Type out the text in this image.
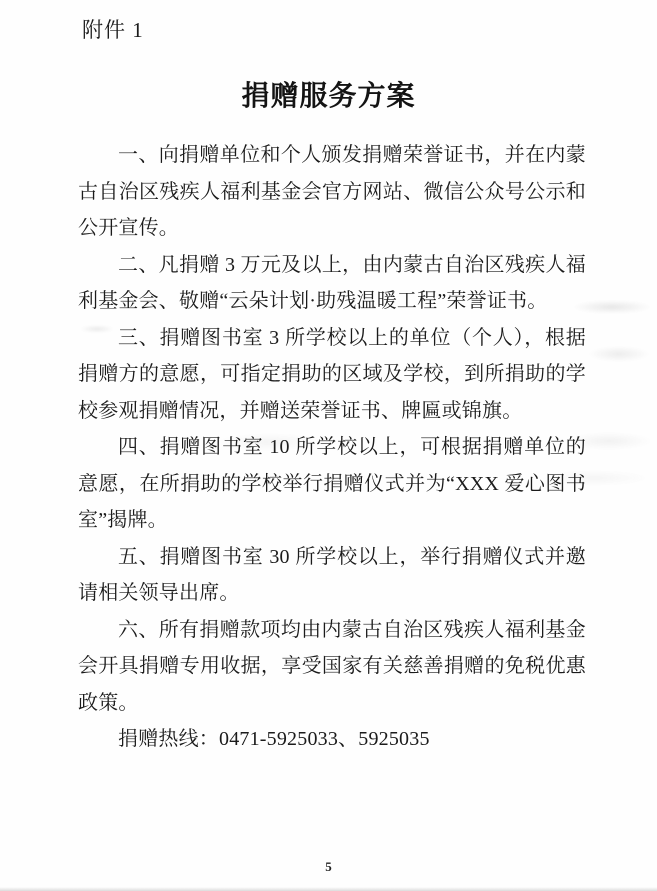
附件 1
捐赠服务方案

一、向捐赠单位和个人颁发捐赠荣誉证书，并在内蒙古自治区残疾人福利基金会官方网站、微信公众号公示和公开宣传。

二、凡捐赠 3 万元及以上，由内蒙古自治区残疾人福利基金会、敬赠“云朵计划·助残温暖工程”荣誉证书。

三、捐赠图书室 3 所学校以上的单位（个人），根据捐赠方的意愿，可指定捐助的区域及学校，到所捐助的学校参观捐赠情况，并赠送荣誉证书、牌匾或锦旗。

四、捐赠图书室 10 所学校以上，可根据捐赠单位的意愿，在所捐助的学校举行捐赠仪式并为“XXX 爱心图书室”揭牌。

五、捐赠图书室 30 所学校以上，举行捐赠仪式并邀请相关领导出席。

六、所有捐赠款项均由内蒙古自治区残疾人福利基金会开具捐赠专用收据，享受国家有关慈善捐赠的免税优惠政策。

捐赠热线：0471-5925033、5925035

5
